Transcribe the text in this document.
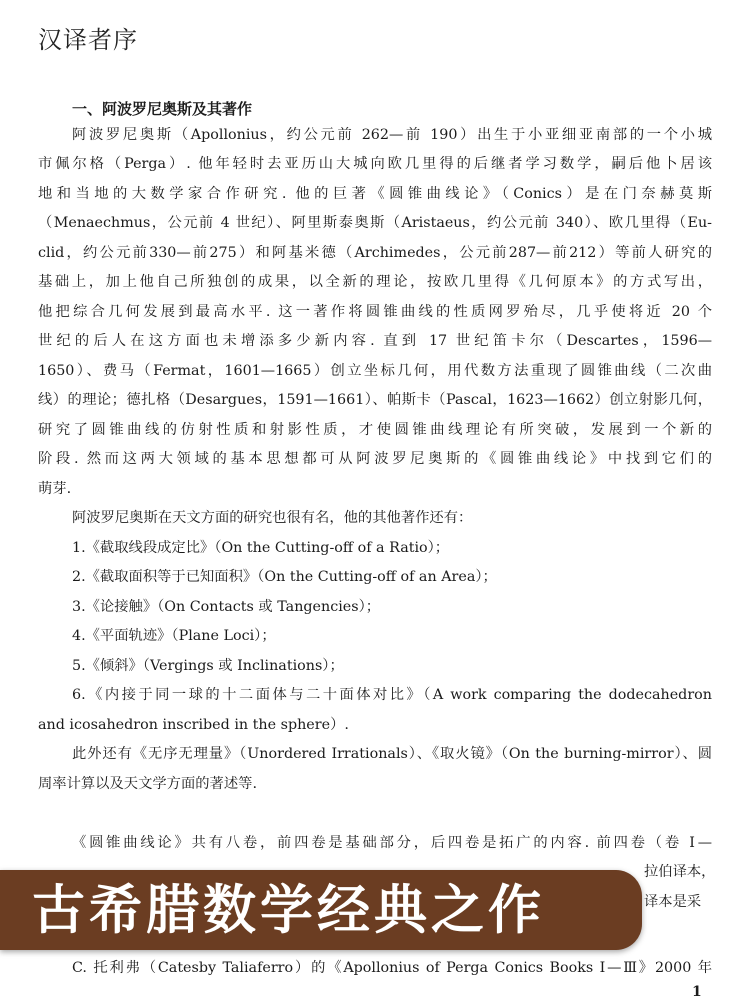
汉译者序
一、阿波罗尼奥斯及其著作
阿波罗尼奥斯（Apollonius，约公元前 262—前 190）出生于小亚细亚南部的一个小城
市佩尔格（Perga）. 他年轻时去亚历山大城向欧几里得的后继者学习数学，嗣后他卜居该
地和当地的大数学家合作研究. 他的巨著《圆锥曲线论》（Conics）是在门奈赫莫斯
（Menaechmus，公元前 4 世纪）、阿里斯泰奥斯（Aristaeus，约公元前 340）、欧几里得（Eu-
clid，约公元前330—前275）和阿基米德（Archimedes，公元前287—前212）等前人研究的
基础上，加上他自己所独创的成果，以全新的理论，按欧几里得《几何原本》的方式写出，
他把综合几何发展到最高水平. 这一著作将圆锥曲线的性质网罗殆尽，几乎使将近 20 个
世纪的后人在这方面也未增添多少新内容. 直到 17 世纪笛卡尔（Descartes，1596—
1650）、费马（Fermat，1601—1665）创立坐标几何，用代数方法重现了圆锥曲线（二次曲
线）的理论；德扎格（Desargues，1591—1661）、帕斯卡（Pascal，1623—1662）创立射影几何，
研究了圆锥曲线的仿射性质和射影性质，才使圆锥曲线理论有所突破，发展到一个新的
阶段. 然而这两大领域的基本思想都可从阿波罗尼奥斯的《圆锥曲线论》中找到它们的
萌芽.
阿波罗尼奥斯在天文方面的研究也很有名，他的其他著作还有：
1.《截取线段成定比》（On the Cutting-off of a Ratio）；
2.《截取面积等于已知面积》（On the Cutting-off of an Area）；
3.《论接触》（On Contacts 或 Tangencies）；
4.《平面轨迹》（Plane Loci）；
5.《倾斜》（Vergings 或 Inclinations）；
6.《内接于同一球的十二面体与二十面体对比》（A work comparing the dodecahedron
and icosahedron inscribed in the sphere）.
此外还有《无序无理量》（Unordered Irrationals）、《取火镜》（On the burning-mirror）、圆
周率计算以及天文学方面的著述等.
《圆锥曲线论》共有八卷，前四卷是基础部分，后四卷是拓广的内容. 前四卷（卷 Ⅰ—
拉伯译本，
译本是采
古希腊数学经典之作
C. 托利弗（Catesby Taliaferro）的《Apollonius of Perga Conics Books Ⅰ—Ⅲ》2000 年
1
